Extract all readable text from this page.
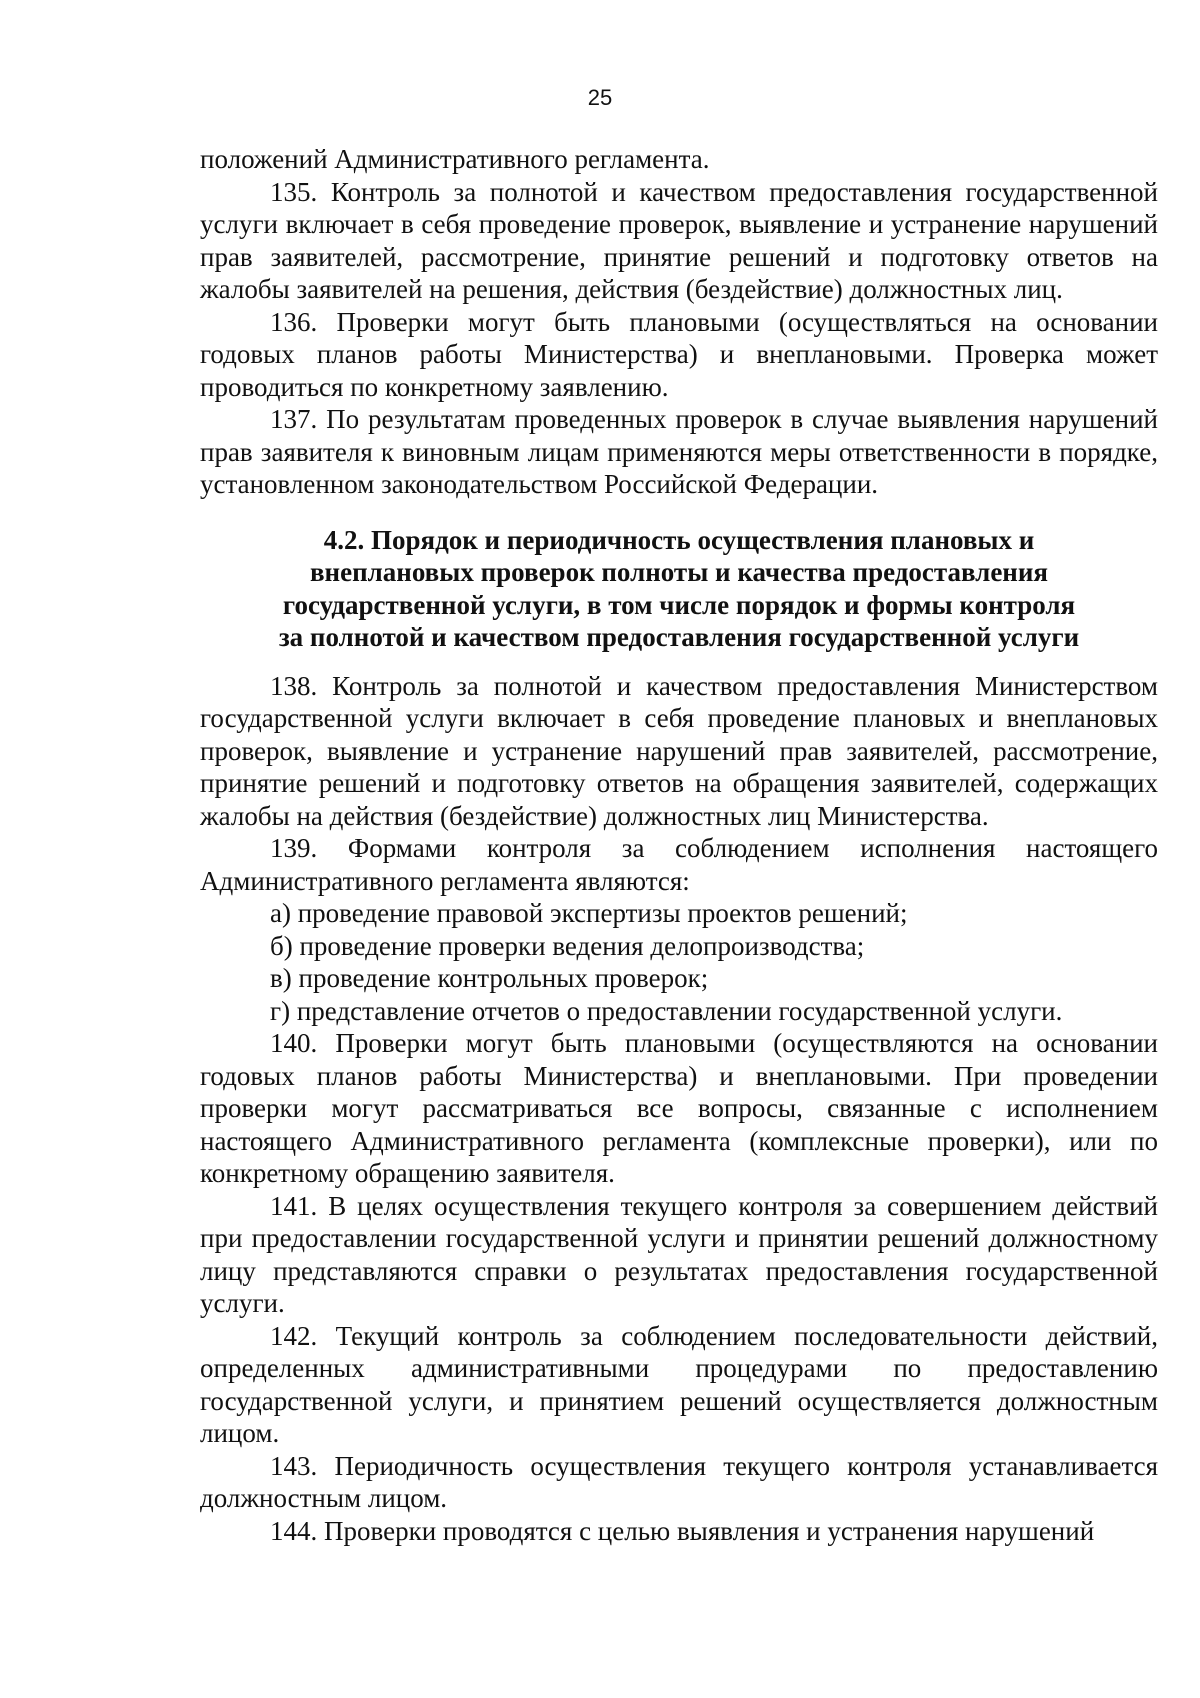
25

положений Административного регламента.

135. Контроль за полнотой и качеством предоставления государственной услуги включает в себя проведение проверок, выявление и устранение нарушений прав заявителей, рассмотрение, принятие решений и подготовку ответов на жалобы заявителей на решения, действия (бездействие) должностных лиц.

136. Проверки могут быть плановыми (осуществляться на основании годовых планов работы Министерства) и внеплановыми. Проверка может проводиться по конкретному заявлению.

137. По результатам проведенных проверок в случае выявления нарушений прав заявителя к виновным лицам применяются меры ответственности в порядке, установленном законодательством Российской Федерации.

4.2. Порядок и периодичность осуществления плановых и
внеплановых проверок полноты и качества предоставления
государственной услуги, в том числе порядок и формы контроля
за полнотой и качеством предоставления государственной услуги

138. Контроль за полнотой и качеством предоставления Министерством государственной услуги включает в себя проведение плановых и внеплановых проверок, выявление и устранение нарушений прав заявителей, рассмотрение, принятие решений и подготовку ответов на обращения заявителей, содержащих жалобы на действия (бездействие) должностных лиц Министерства.

139. Формами контроля за соблюдением исполнения настоящего Административного регламента являются:

а) проведение правовой экспертизы проектов решений;

б) проведение проверки ведения делопроизводства;

в) проведение контрольных проверок;

г) представление отчетов о предоставлении государственной услуги.

140. Проверки могут быть плановыми (осуществляются на основании годовых планов работы Министерства) и внеплановыми. При проведении проверки могут рассматриваться все вопросы, связанные с исполнением настоящего Административного регламента (комплексные проверки), или по конкретному обращению заявителя.

141. В целях осуществления текущего контроля за совершением действий при предоставлении государственной услуги и принятии решений должностному лицу представляются справки о результатах предоставления государственной услуги.

142. Текущий контроль за соблюдением последовательности действий, определенных административными процедурами по предоставлению государственной услуги, и принятием решений осуществляется должностным лицом.

143. Периодичность осуществления текущего контроля устанавливается должностным лицом.

144. Проверки проводятся с целью выявления и устранения нарушений
